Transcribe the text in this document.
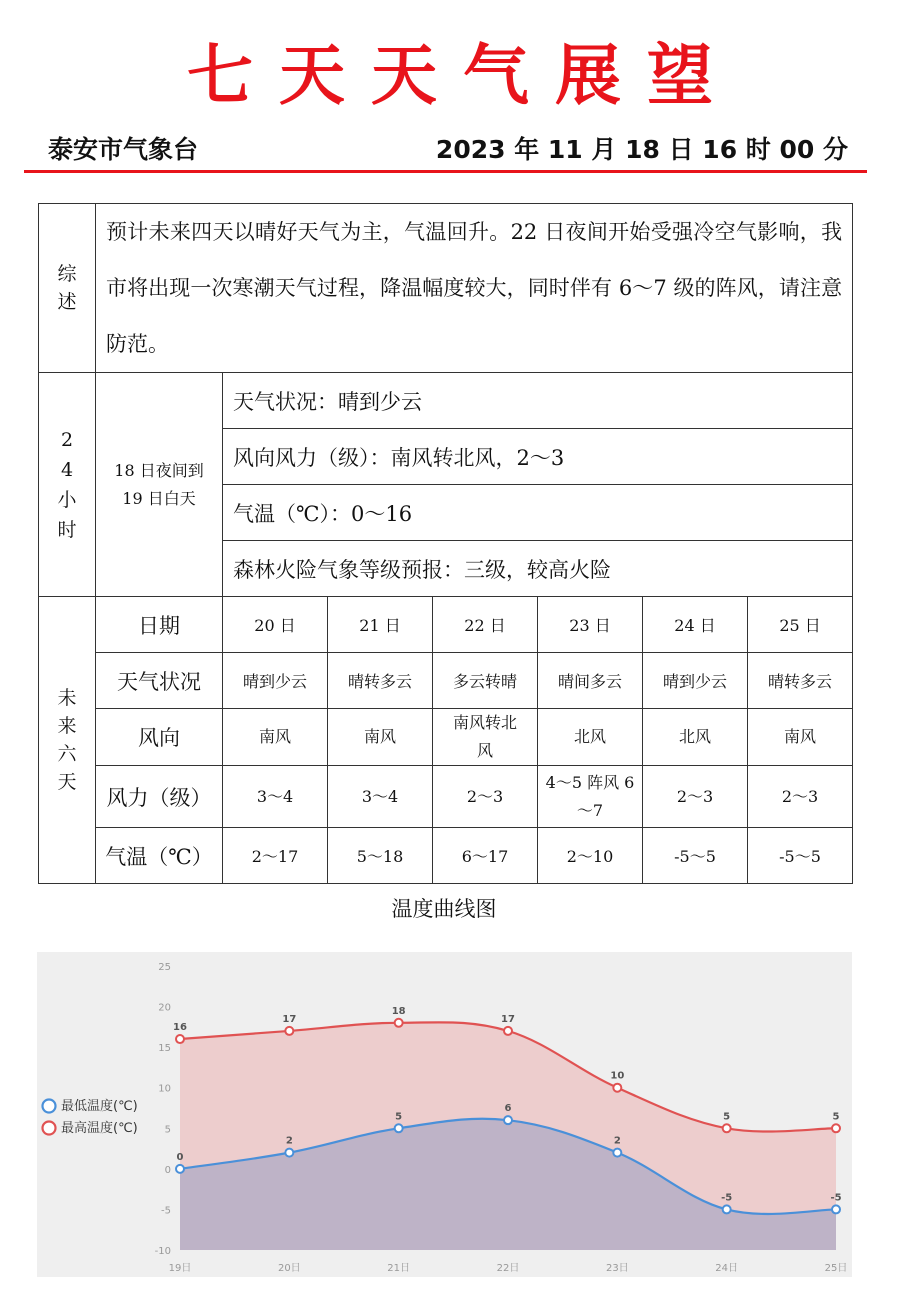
七天天气展望
泰安市气象台	2023 年 11 月 18 日 16 时 00 分
综述	预计未来四天以晴好天气为主，气温回升。22 日夜间开始受强冷空气影响，我市将出现一次寒潮天气过程，降温幅度较大，同时伴有 6～7 级的阵风，请注意防范。						

24小时	18 日夜间到 19 日白天	天气状况：晴到少云					
		风向风力（级）：南风转北风，2～3					
		气温（℃）：0～16					
		森林火险气象等级预报：三级，较高火险					

未来六天	日期	20 日	21 日	22 日	23 日	24 日	25 日
	天气状况	晴到少云	晴转多云	多云转晴	晴间多云	晴到少云	晴转多云
	风向	南风	南风	南风转北风	北风	北风	南风
	风力（级）	3～4	3～4	2～3	4～5 阵风 6～7	2～3	2～3
	气温（℃）	2～17	5～18	6～17	2～10	-5～5	-5～5
温度曲线图
-10
-5
0
5
10
15
20
25
19日	20日	21日	22日	23日	24日	25日
0
2
5
6
2
-5	-5
16
17
18
17
10
5	5
最低温度(℃)
最高温度(℃)
